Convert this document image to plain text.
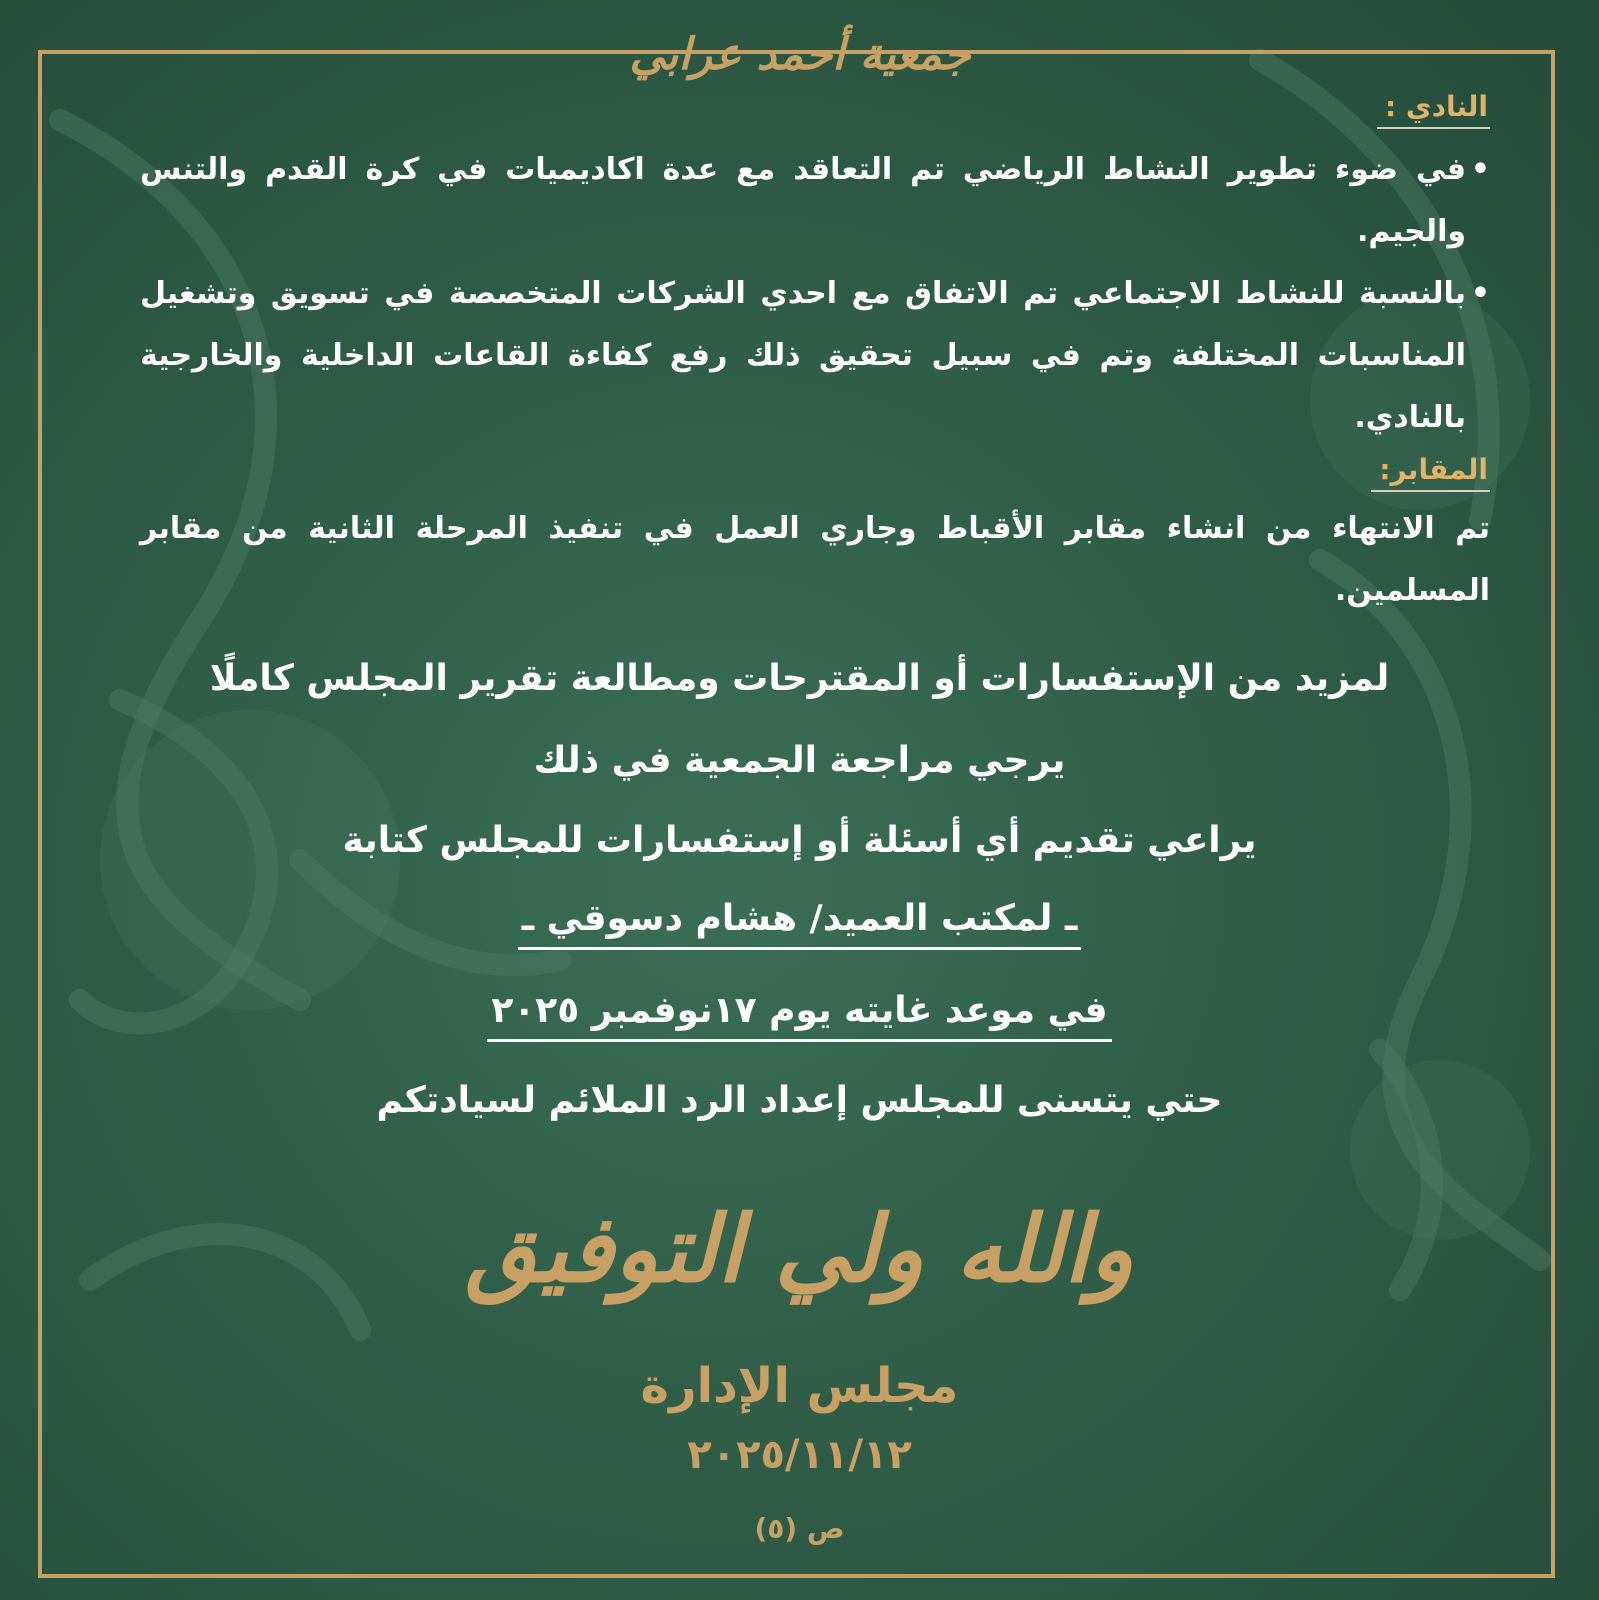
جمعية أحمد عرابي
النادي :
• في ضوء تطوير النشاط الرياضي تم التعاقد مع عدة اكاديميات في كرة القدم والتنس والجيم.
• بالنسبة للنشاط الاجتماعي تم الاتفاق مع احدي الشركات المتخصصة في تسويق وتشغيل المناسبات المختلفة وتم في سبيل تحقيق ذلك رفع كفاءة القاعات الداخلية والخارجية بالنادي.
المقابر:

تم الانتهاء من انشاء مقابر الأقباط وجاري العمل في تنفيذ المرحلة الثانية من مقابر المسلمين.

لمزيد من الإستفسارات أو المقترحات ومطالعة تقرير المجلس كاملًا
يرجي مراجعة الجمعية في ذلك
يراعي تقديم أي أسئلة أو إستفسارات للمجلس كتابة
ـ لمكتب العميد/ هشام دسوقي ـ
في موعد غايته يوم ١٧نوفمبر ٢٠٢٥
حتي يتسنى للمجلس إعداد الرد الملائم لسيادتكم
والله ولي التوفيق
مجلس الإدارة
٢٠٢٥/١١/١٢
ص (٥)
